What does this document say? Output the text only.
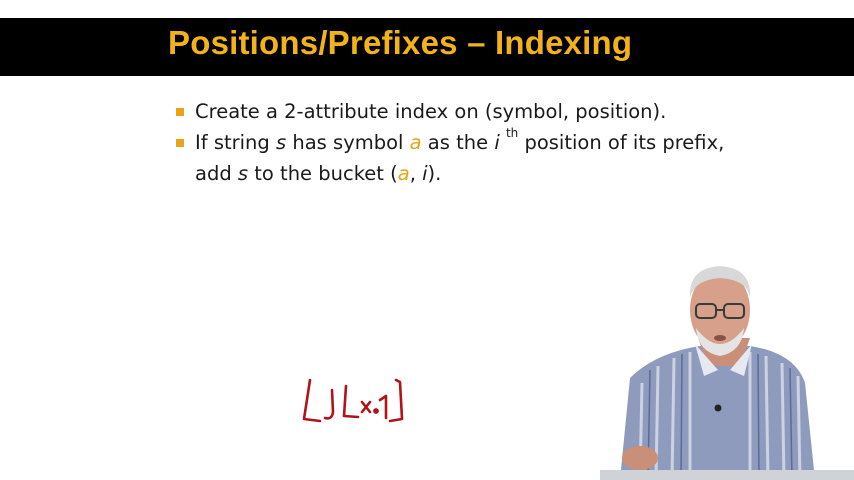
Positions/Prefixes – Indexing
Create a 2-attribute index on (symbol, position).
If string s has symbol a as the i $^{th}$ position of its prefix, add s to the bucket (a, i).
